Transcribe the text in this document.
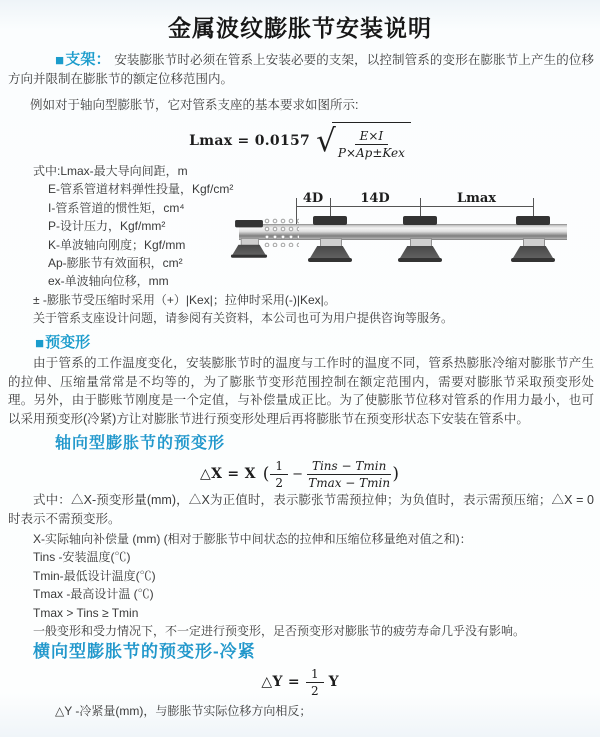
金属波纹膨胀节安装说明

■支架： 安装膨胀节时必须在管系上安装必要的支架，以控制管系的变形在膨胀节上产生的位移方向并限制在膨胀节的额定位移范围内。

例如对于轴向型膨胀节，它对管系支座的基本要求如图所示:

Lmax = 0.0157 √	E×I
P×Ap±Kex
式中:Lmax-最大导向间距，m
E-管系管道材料弹性投量，Kgf/cm²
I-管系管道的惯性矩，cm⁴
P-设计压力，Kgf/mm²
K-单波轴向刚度；Kgf/mm
Ap-膨胀节有效面积，cm²
ex-单波轴向位移，mm
± -膨胀节受压缩时采用（+）|Kex|；拉伸时采用(-)|Kex|。
关于管系支座设计问题，请参阅有关资料，本公司也可为用户提供咨询等服务。
4D	14D	Lmax
■预变形

由于管系的工作温度变化，安装膨胀节时的温度与工作时的温度不同，管系热膨胀冷缩对膨胀节产生的拉伸、压缩量常常是不均等的，为了膨胀节变形范围控制在额定范围内，需要对膨胀节采取预变形处理。另外，由于膨账节刚度是一个定值，与补偿量成正比。为了使膨胀节位移对管系的作用力最小，也可以采用预变形(冷紧)方让对膨胀节进行预变形处理后再将膨胀节在预变形状态下安装在管系中。

轴向型膨胀节的预变形
△X = X ( $\frac{1}{2}$ −
Tins − Tmin
Tmax − Tmin )

式中：△X-预变形量(mm)，△X为正值时，表示膨张节需预拉伸；为负值时，表示需预压缩；△X = 0时表示不需预变形。

X-实际轴向补偿量 (mm) (相对于膨胀节中间状态的拉伸和压缩位移量绝对值之和)：
Tins -安装温度(℃)
Tmin-最低设计温度(℃)
Tmax -最高设计温 (℃)
Tmax > Tins ≥ Tmin
一般变形和受力情况下，不一定进行预变形，足否预变形对膨胀节的疲劳寿命几乎没有影响。
横向型膨胀节的预变形-冷紧
△Y = $\frac{1}{2}$ Y
△Y -冷紧量(mm)，与膨胀节实际位移方向相反；
